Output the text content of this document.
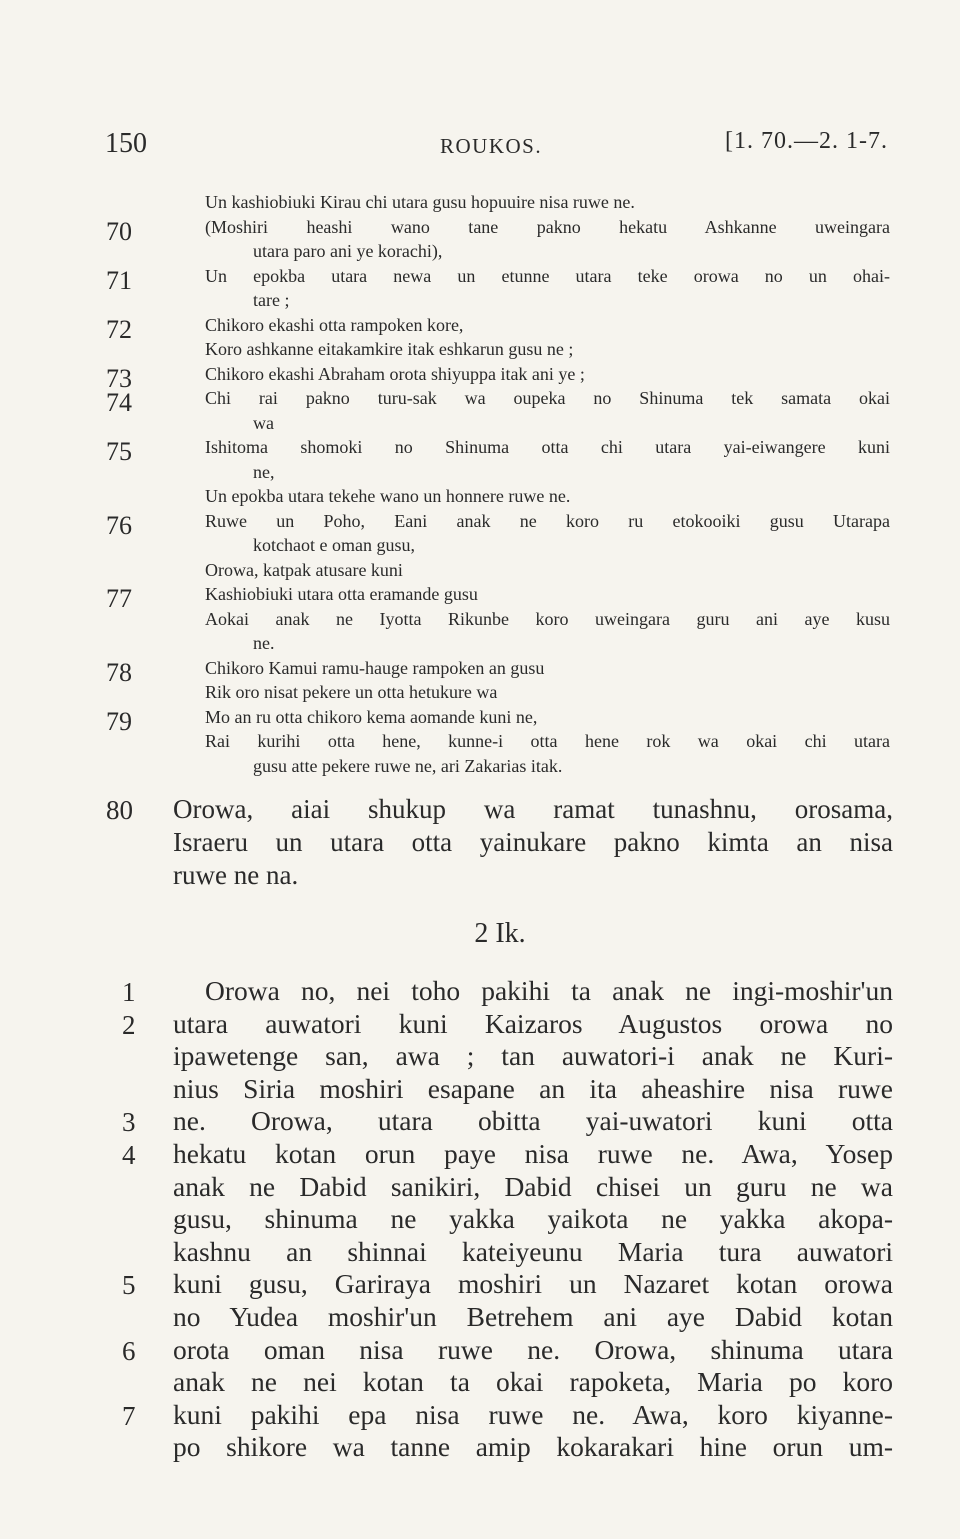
150	ROUKOS.	[1. 70.—2. 1-7.
Un kashiobiuki Kirau chi utara gusu hopuuire nisa ruwe ne.
70	(Moshiri heashi wano tane pakno hekatu Ashkanne uweingara
utara paro ani ye korachi),
71	Un epokba utara newa un etunne utara teke orowa no un ohai-
tare ;
72	Chikoro ekashi otta rampoken kore,
Koro ashkanne eitakamkire itak eshkarun gusu ne ;
73	Chikoro ekashi Abraham orota shiyuppa itak ani ye ;
74	Chi rai pakno turu-sak wa oupeka no Shinuma tek samata okai
wa
75	Ishitoma shomoki no Shinuma otta chi utara yai-eiwangere kuni
ne,
Un epokba utara tekehe wano un honnere ruwe ne.
76	Ruwe un Poho, Eani anak ne koro ru etokooiki gusu Utarapa
kotchaot e oman gusu,
Orowa, katpak atusare kuni
77	Kashiobiuki utara otta eramande gusu
Aokai anak ne Iyotta Rikunbe koro uweingara guru ani aye kusu
ne.
78	Chikoro Kamui ramu-hauge rampoken an gusu
Rik oro nisat pekere un otta hetukure wa
79	Mo an ru otta chikoro kema aomande kuni ne,
Rai kurihi otta hene, kunne-i otta hene rok wa okai chi utara
gusu atte pekere ruwe ne, ari Zakarias itak.
80 Orowa, aiai shukup wa ramat tunashnu, orosama,
Israeru un utara otta yainukare pakno kimta an nisa
ruwe ne na.
2 Ik.
1	Orowa no, nei toho pakihi ta anak ne ingi-moshir'un
2 utara auwatori kuni Kaizaros Augustos orowa no
ipawetenge san, awa ; tan auwatori-i anak ne Kuri-
nius Siria moshiri esapane an ita aheashire nisa ruwe
3 ne. Orowa, utara obitta yai-uwatori kuni otta
4 hekatu kotan orun paye nisa ruwe ne. Awa, Yosep
anak ne Dabid sanikiri, Dabid chisei un guru ne wa
gusu, shinuma ne yakka yaikota ne yakka akopa-
kashnu an shinnai kateiyeunu Maria tura auwatori
5 kuni gusu, Gariraya moshiri un Nazaret kotan orowa
no Yudea moshir'un Betrehem ani aye Dabid kotan
6 orota oman nisa ruwe ne. Orowa, shinuma utara
anak ne nei kotan ta okai rapoketa, Maria po koro
7 kuni pakihi epa nisa ruwe ne. Awa, koro kiyanne-
po shikore wa tanne amip kokarakari hine orun um-
